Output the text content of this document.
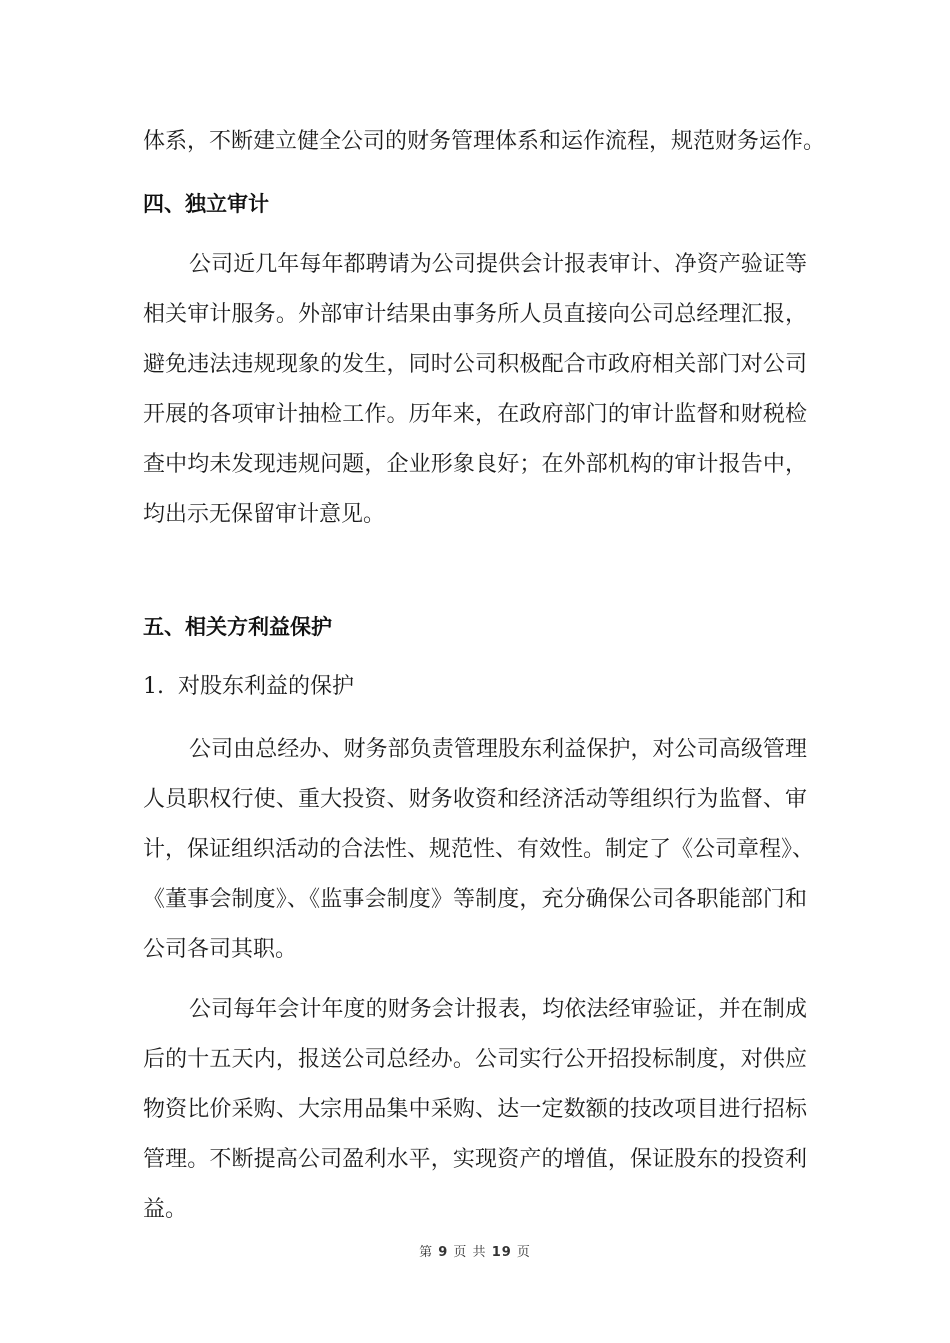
体系，不断建立健全公司的财务管理体系和运作流程，规范财务运作。
四、独立审计
公司近几年每年都聘请为公司提供会计报表审计、净资产验证等
相关审计服务。外部审计结果由事务所人员直接向公司总经理汇报，
避免违法违规现象的发生，同时公司积极配合市政府相关部门对公司
开展的各项审计抽检工作。历年来，在政府部门的审计监督和财税检
查中均未发现违规问题，企业形象良好；在外部机构的审计报告中，
均出示无保留审计意见。
五、相关方利益保护
1.  对股东利益的保护
公司由总经办、财务部负责管理股东利益保护，对公司高级管理
人员职权行使、重大投资、财务收资和经济活动等组织行为监督、审
计，保证组织活动的合法性、规范性、有效性。制定了《公司章程》、
《董事会制度》、《监事会制度》等制度，充分确保公司各职能部门和
公司各司其职。
公司每年会计年度的财务会计报表，均依法经审验证，并在制成
后的十五天内，报送公司总经办。公司实行公开招投标制度，对供应
物资比价采购、大宗用品集中采购、达一定数额的技改项目进行招标
管理。不断提高公司盈利水平，实现资产的增值，保证股东的投资利
益。
第 9 页 共 19 页
